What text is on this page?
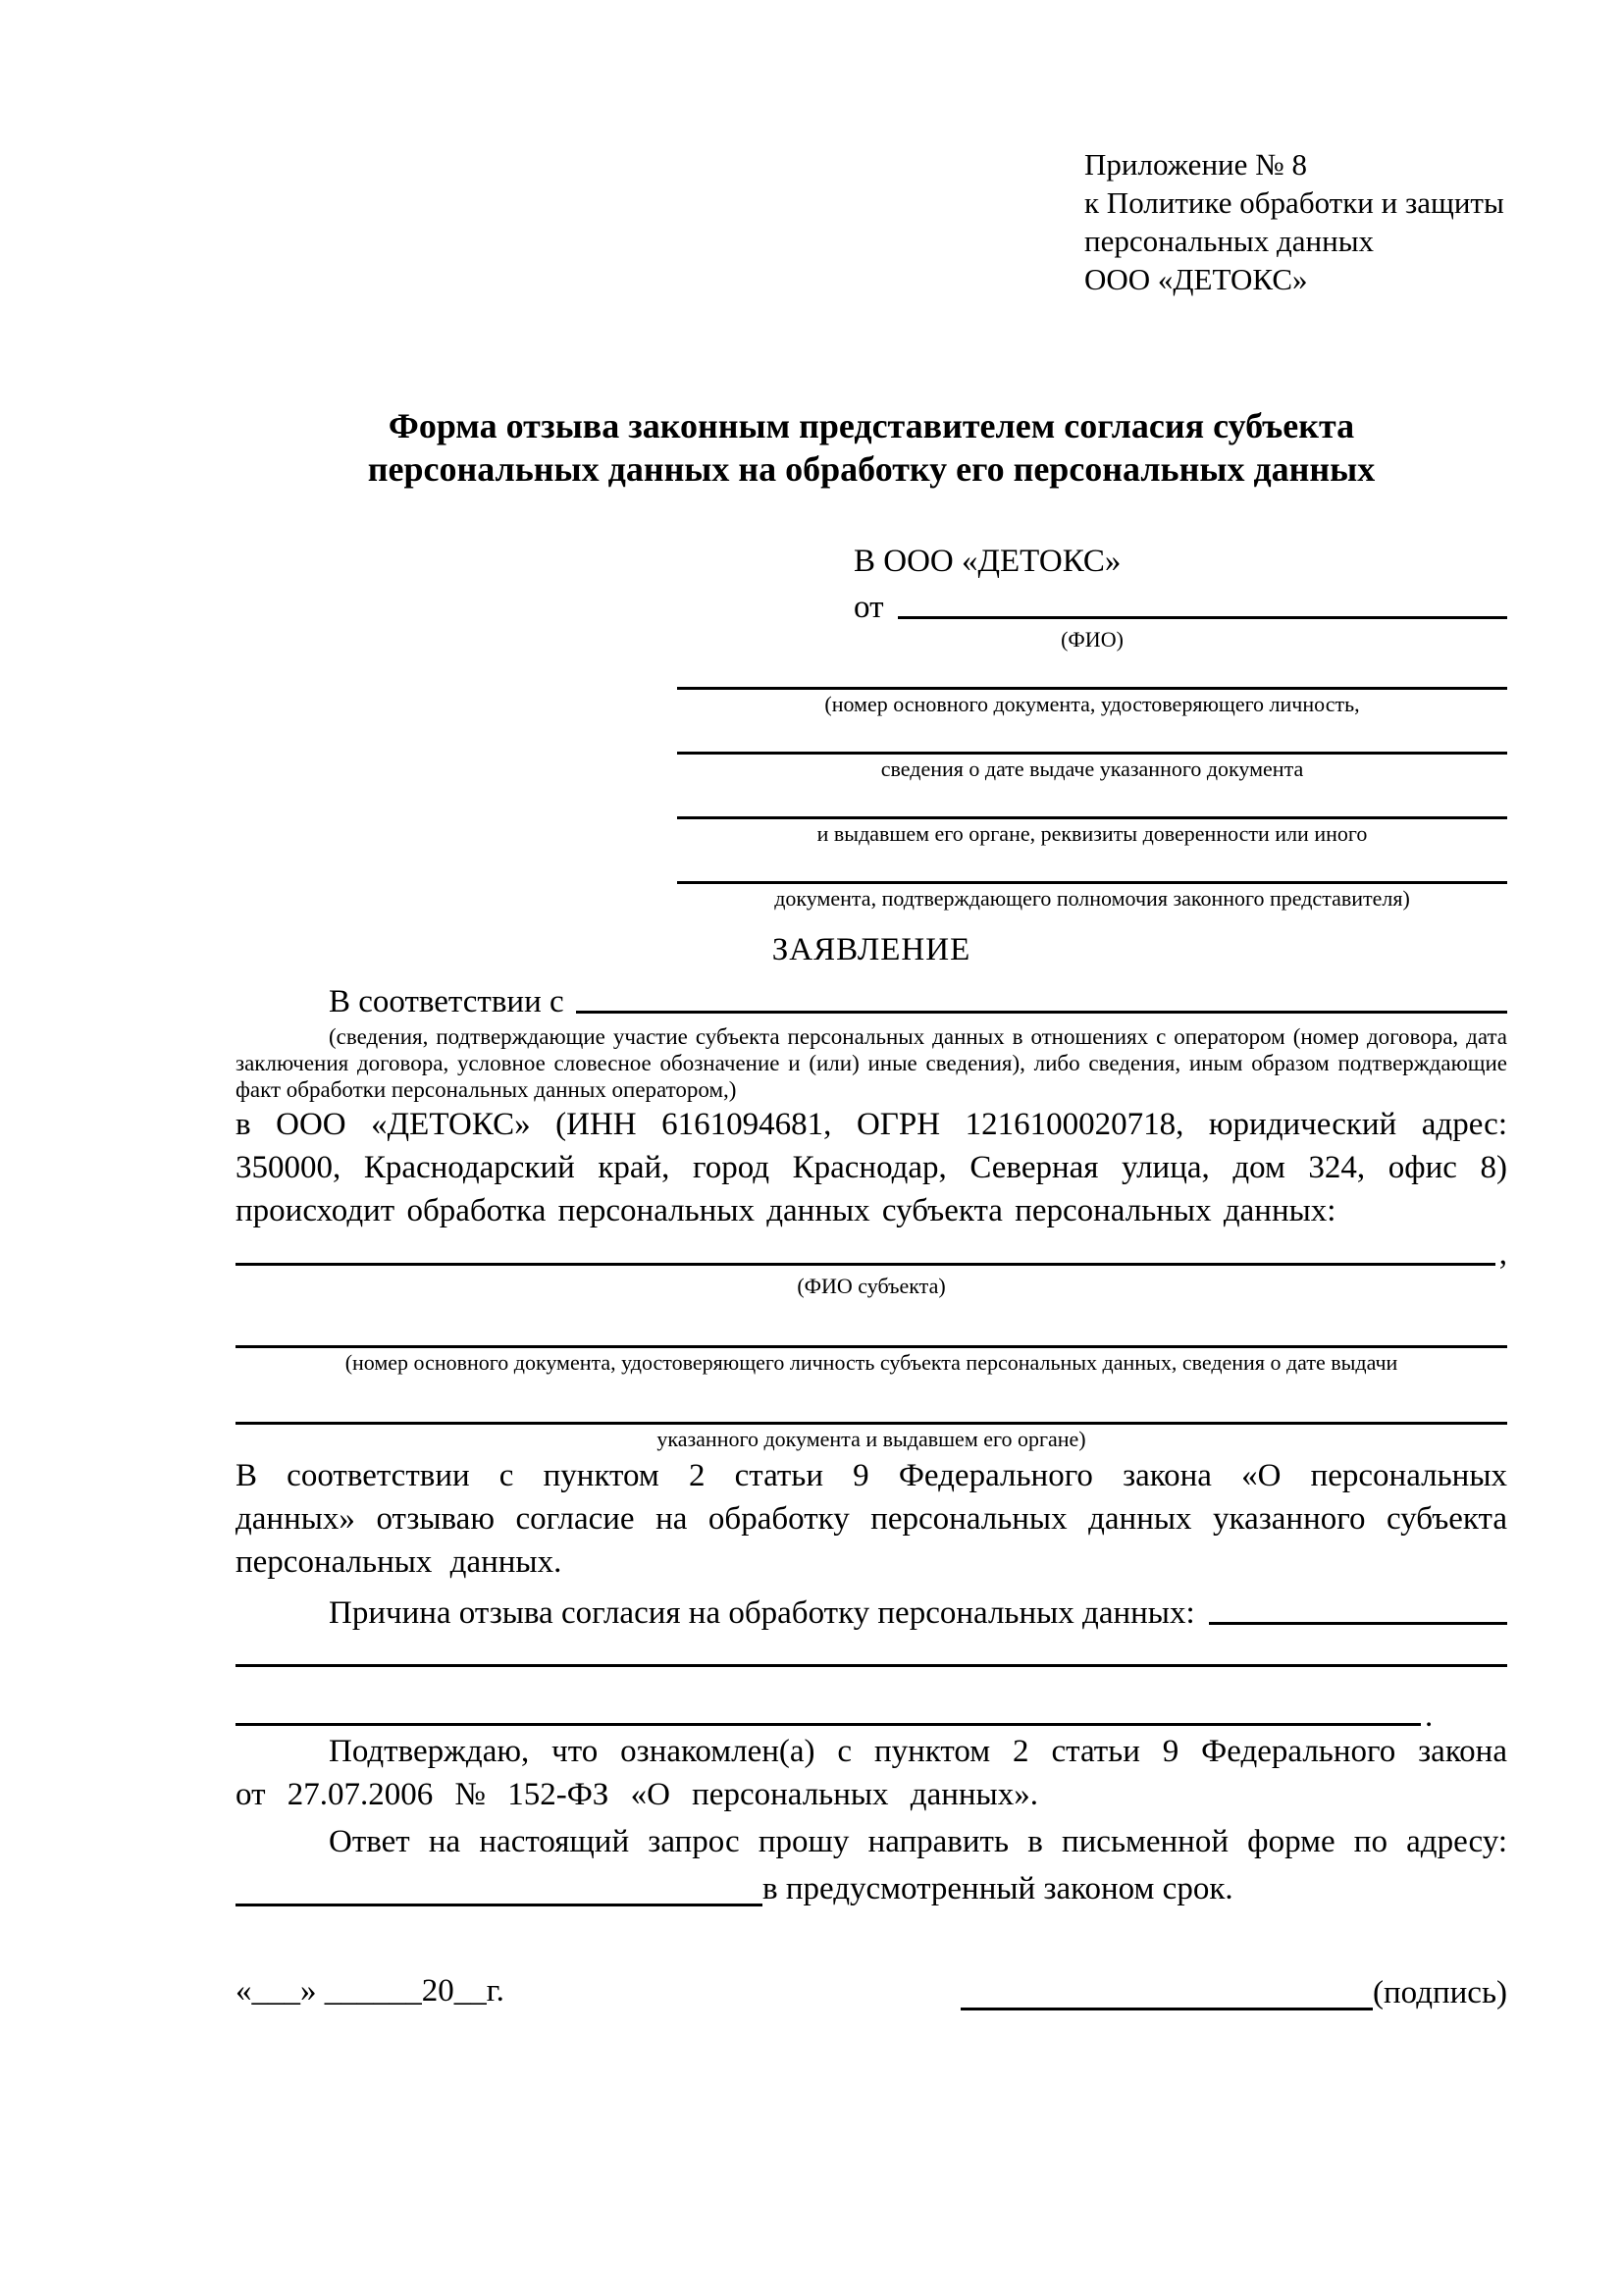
Приложение № 8
к Политике обработки и защиты
персональных данных
ООО «ДЕТОКС»
Форма отзыва законным представителем согласия субъекта персональных данных на обработку его персональных данных
В ООО «ДЕТОКС»
от
(ФИО)
(номер основного документа, удостоверяющего личность,
сведения о дате выдаче указанного документа
и выдавшем его органе, реквизиты доверенности или иного
документа, подтверждающего полномочия законного представителя)
ЗАЯВЛЕНИЕ
В соответствии с
(сведения, подтверждающие участие субъекта персональных данных в отношениях с оператором (номер договора, дата заключения договора, условное словесное обозначение и (или) иные сведения), либо сведения, иным образом подтверждающие факт обработки персональных данных оператором,)

в ООО «ДЕТОКС» (ИНН 6161094681, ОГРН 1216100020718, юридический адрес: 350000, Краснодарский край, город Краснодар, Северная улица, дом 324, офис 8) происходит обработка персональных данных субъекта персональных данных:

,
(ФИО субъекта)
(номер основного документа, удостоверяющего личность субъекта персональных данных, сведения о дате выдачи
указанного документа и выдавшем его органе)

В соответствии с пунктом 2 статьи 9 Федерального закона «О персональных данных» отзываю согласие на обработку персональных данных указанного субъекта персональных данных.

Причина отзыва согласия на обработку персональных данных:
.

Подтверждаю, что ознакомлен(а) с пунктом 2 статьи 9 Федерального закона от 27.07.2006 № 152-ФЗ «О персональных данных».

Ответ на настоящий запрос прошу направить в письменной форме по адресу:
в предусмотренный законом срок.
«___» ______20__г.	(подпись)
